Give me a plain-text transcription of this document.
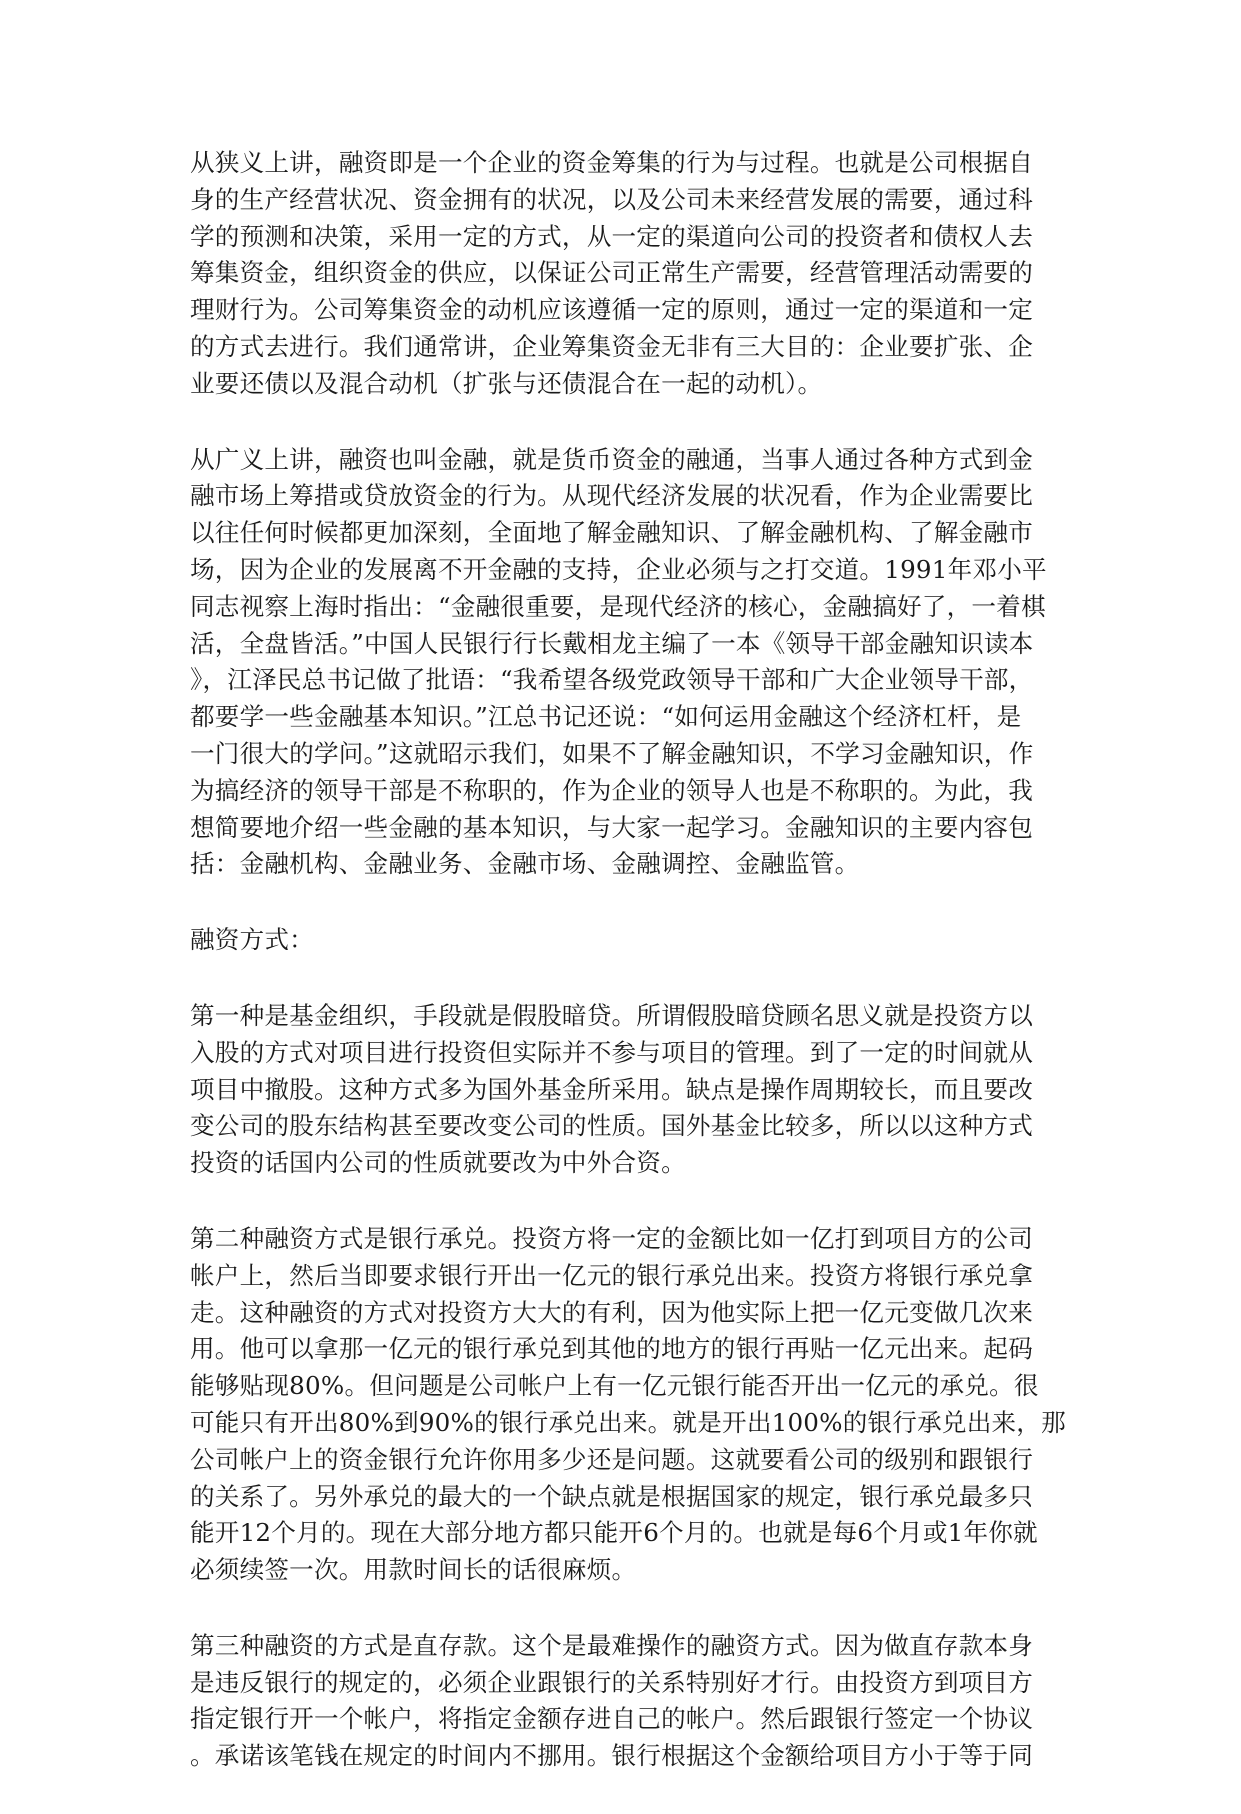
从狭义上讲，融资即是一个企业的资金筹集的行为与过程。也就是公司根据自
身的生产经营状况、资金拥有的状况，以及公司未来经营发展的需要，通过科
学的预测和决策，采用一定的方式，从一定的渠道向公司的投资者和债权人去
筹集资金，组织资金的供应，以保证公司正常生产需要，经营管理活动需要的
理财行为。公司筹集资金的动机应该遵循一定的原则，通过一定的渠道和一定
的方式去进行。我们通常讲，企业筹集资金无非有三大目的：企业要扩张、企
业要还债以及混合动机（扩张与还债混合在一起的动机）。

从广义上讲，融资也叫金融，就是货币资金的融通，当事人通过各种方式到金
融市场上筹措或贷放资金的行为。从现代经济发展的状况看，作为企业需要比
以往任何时候都更加深刻，全面地了解金融知识、了解金融机构、了解金融市
场，因为企业的发展离不开金融的支持，企业必须与之打交道。1991年邓小平
同志视察上海时指出：“金融很重要，是现代经济的核心，金融搞好了，一着棋
活，全盘皆活。”中国人民银行行长戴相龙主编了一本《领导干部金融知识读本
》，江泽民总书记做了批语：“我希望各级党政领导干部和广大企业领导干部，
都要学一些金融基本知识。”江总书记还说：“如何运用金融这个经济杠杆，是
一门很大的学问。”这就昭示我们，如果不了解金融知识，不学习金融知识，作
为搞经济的领导干部是不称职的，作为企业的领导人也是不称职的。为此，我
想简要地介绍一些金融的基本知识，与大家一起学习。金融知识的主要内容包
括：金融机构、金融业务、金融市场、金融调控、金融监管。

融资方式：

第一种是基金组织，手段就是假股暗贷。所谓假股暗贷顾名思义就是投资方以
入股的方式对项目进行投资但实际并不参与项目的管理。到了一定的时间就从
项目中撤股。这种方式多为国外基金所采用。缺点是操作周期较长，而且要改
变公司的股东结构甚至要改变公司的性质。国外基金比较多，所以以这种方式
投资的话国内公司的性质就要改为中外合资。

第二种融资方式是银行承兑。投资方将一定的金额比如一亿打到项目方的公司
帐户上，然后当即要求银行开出一亿元的银行承兑出来。投资方将银行承兑拿
走。这种融资的方式对投资方大大的有利，因为他实际上把一亿元变做几次来
用。他可以拿那一亿元的银行承兑到其他的地方的银行再贴一亿元出来。起码
能够贴现80%。但问题是公司帐户上有一亿元银行能否开出一亿元的承兑。很
可能只有开出80%到90%的银行承兑出来。就是开出100%的银行承兑出来，那
公司帐户上的资金银行允许你用多少还是问题。这就要看公司的级别和跟银行
的关系了。另外承兑的最大的一个缺点就是根据国家的规定，银行承兑最多只
能开12个月的。现在大部分地方都只能开6个月的。也就是每6个月或1年你就
必须续签一次。用款时间长的话很麻烦。

第三种融资的方式是直存款。这个是最难操作的融资方式。因为做直存款本身
是违反银行的规定的，必须企业跟银行的关系特别好才行。由投资方到项目方
指定银行开一个帐户，将指定金额存进自己的帐户。然后跟银行签定一个协议
。承诺该笔钱在规定的时间内不挪用。银行根据这个金额给项目方小于等于同
